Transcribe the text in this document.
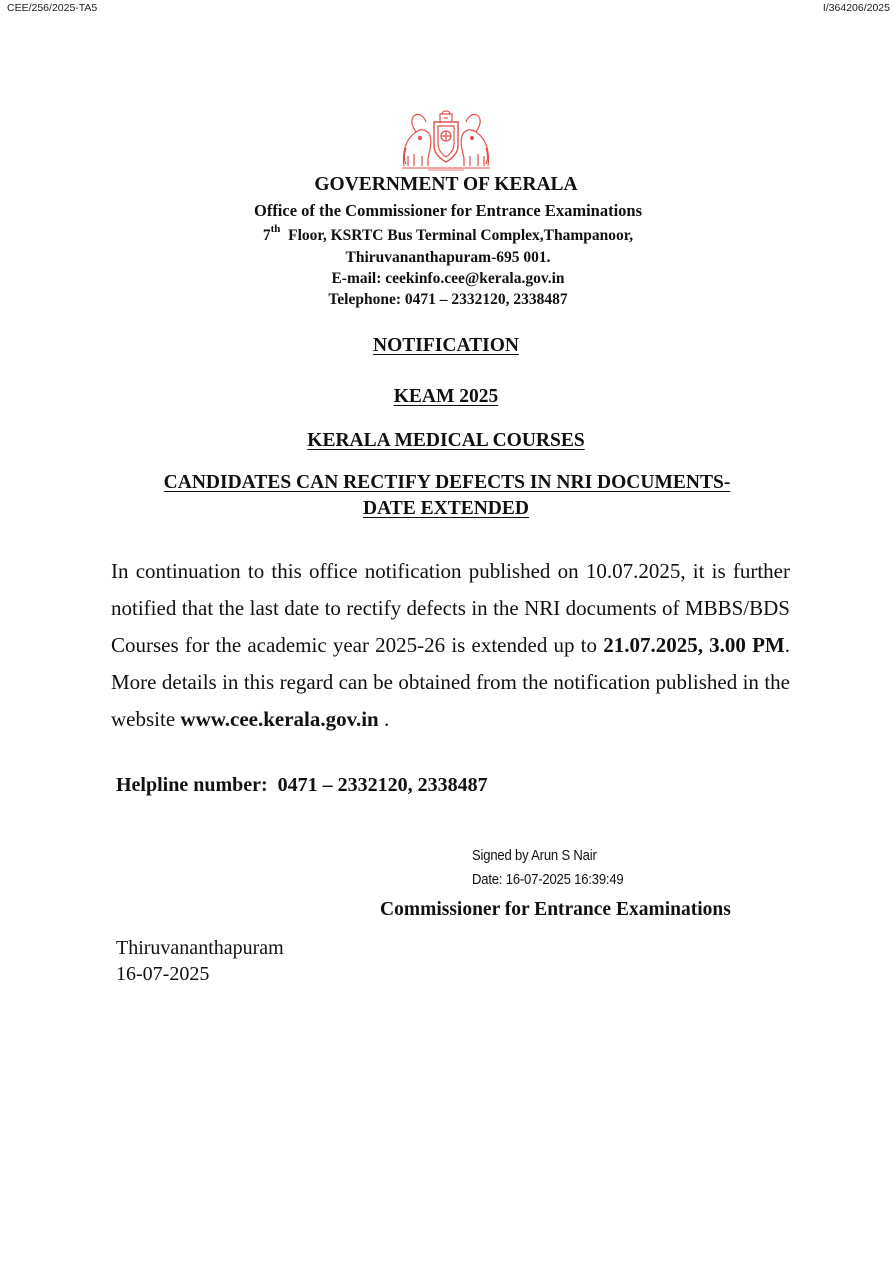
CEE/256/2025-TA5	I/364206/2025
GOVERNMENT OF KERALA
Office of the Commissioner for Entrance Examinations
7th Floor, KSRTC Bus Terminal Complex,Thampanoor,
Thiruvananthapuram-695 001.
E-mail: ceekinfo.cee@kerala.gov.in
Telephone: 0471 – 2332120, 2338487
NOTIFICATION
KEAM 2025
KERALA MEDICAL COURSES
CANDIDATES CAN RECTIFY DEFECTS IN NRI DOCUMENTS-
DATE EXTENDED
In continuation to this office notification published on 10.07.2025, it is further notified that the last date to rectify defects in the NRI documents of MBBS/BDS Courses for the academic year 2025-26 is extended up to 21.07.2025, 3.00 PM. More details in this regard can be obtained from the notification published in the website www.cee.kerala.gov.in .
Helpline number:  0471 – 2332120, 2338487
Signed by Arun S Nair
Date: 16-07-2025 16:39:49
Commissioner for Entrance Examinations
Thiruvananthapuram
16-07-2025
